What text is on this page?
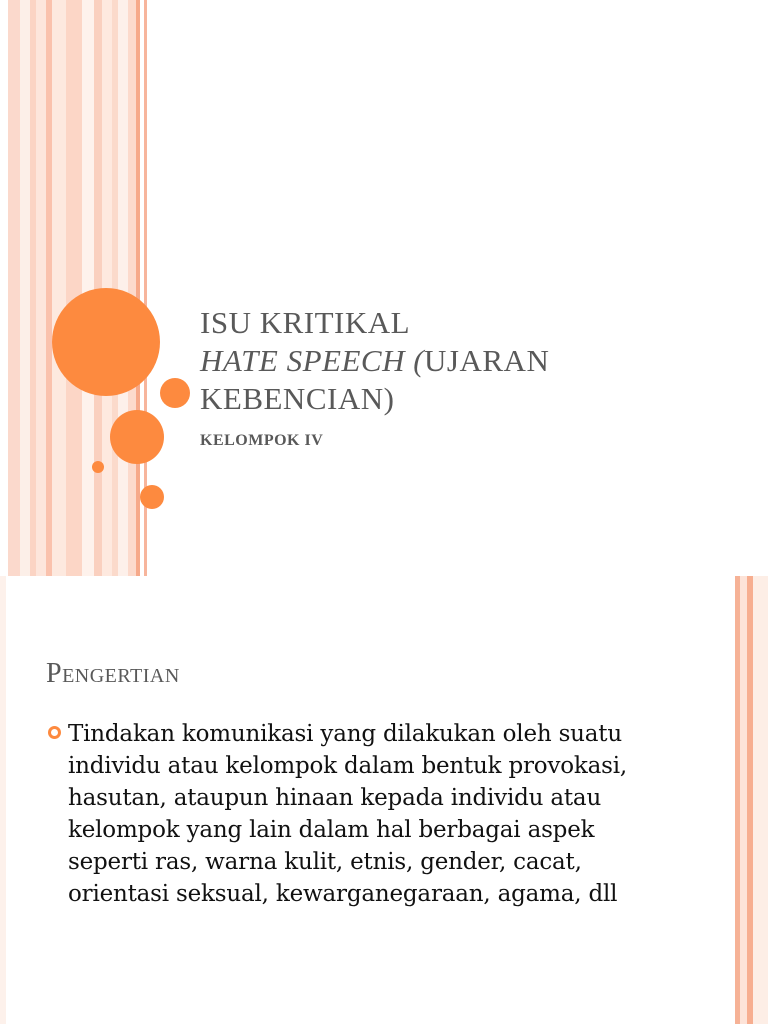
ISU KRITIKAL
HATE SPEECH (UJARAN
KEBENCIAN)
KELOMPOK IV
Pengertian
Tindakan komunikasi yang dilakukan oleh suatu
individu atau kelompok dalam bentuk provokasi,
hasutan, ataupun hinaan kepada individu atau
kelompok yang lain dalam hal berbagai aspek
seperti ras, warna kulit, etnis, gender, cacat,
orientasi seksual, kewarganegaraan, agama, dll
